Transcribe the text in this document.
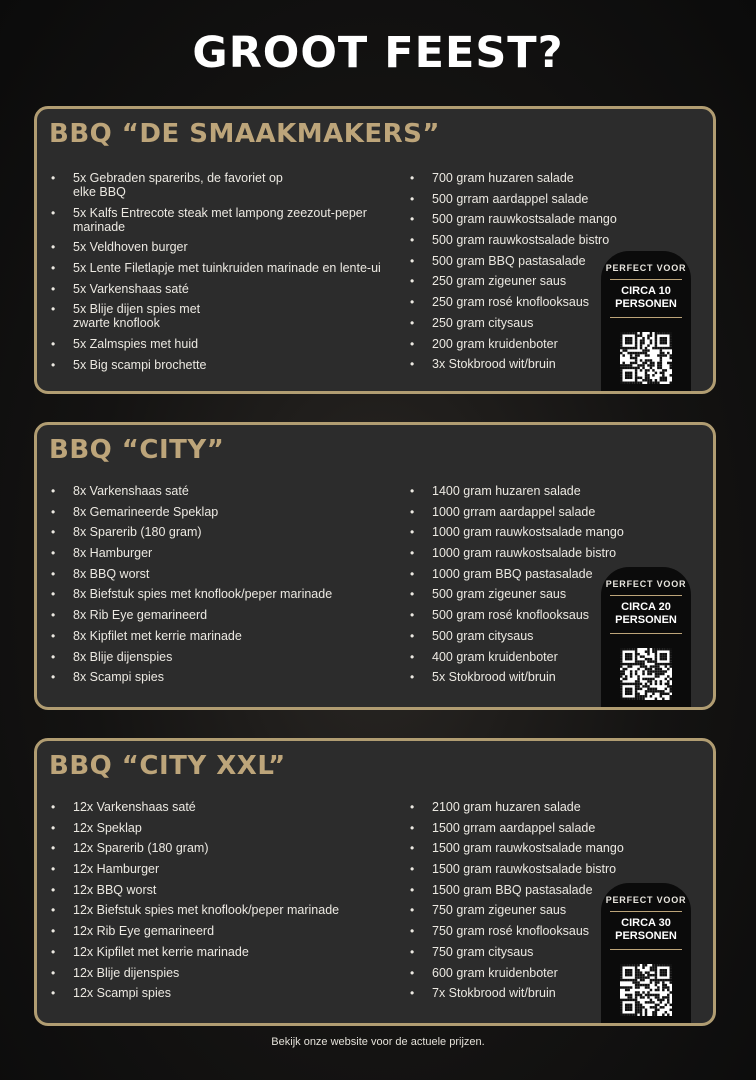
GROOT FEEST?
BBQ “DE SMAAKMAKERS”
• 5x Gebraden spareribs, de favoriet op
elke BBQ
• 5x Kalfs Entrecote steak met lampong zeezout-peper
marinade
• 5x Veldhoven burger
• 5x Lente Filetlapje met tuinkruiden marinade en lente-ui
• 5x Varkenshaas saté
• 5x Blije dijen spies met
zwarte knoflook
• 5x Zalmspies met huid
• 5x Big scampi brochette
• 700 gram huzaren salade
• 500 grram aardappel salade
• 500 gram rauwkostsalade mango
• 500 gram rauwkostsalade bistro
• 500 gram BBQ pastasalade
• 250 gram zigeuner saus
• 250 gram rosé knoflooksaus
• 250 gram citysaus
• 200 gram kruidenboter
• 3x Stokbrood wit/bruin
PERFECT VOOR
CIRCA 10
PERSONEN
BBQ “CITY”
• 8x Varkenshaas saté
• 8x Gemarineerde Speklap
• 8x Sparerib (180 gram)
• 8x Hamburger
• 8x BBQ worst
• 8x Biefstuk spies met knoflook/peper marinade
• 8x Rib Eye gemarineerd
• 8x Kipfilet met kerrie marinade
• 8x Blije dijenspies
• 8x Scampi spies
• 1400 gram huzaren salade
• 1000 grram aardappel salade
• 1000 gram rauwkostsalade mango
• 1000 gram rauwkostsalade bistro
• 1000 gram BBQ pastasalade
• 500 gram zigeuner saus
• 500 gram rosé knoflooksaus
• 500 gram citysaus
• 400 gram kruidenboter
• 5x Stokbrood wit/bruin
PERFECT VOOR
CIRCA 20
PERSONEN
BBQ “CITY XXL”
• 12x Varkenshaas saté
• 12x Speklap
• 12x Sparerib (180 gram)
• 12x Hamburger
• 12x BBQ worst
• 12x Biefstuk spies met knoflook/peper marinade
• 12x Rib Eye gemarineerd
• 12x Kipfilet met kerrie marinade
• 12x Blije dijenspies
• 12x Scampi spies
• 2100 gram huzaren salade
• 1500 grram aardappel salade
• 1500 gram rauwkostsalade mango
• 1500 gram rauwkostsalade bistro
• 1500 gram BBQ pastasalade
• 750 gram zigeuner saus
• 750 gram rosé knoflooksaus
• 750 gram citysaus
• 600 gram kruidenboter
• 7x Stokbrood wit/bruin
PERFECT VOOR
CIRCA 30
PERSONEN
Bekijk onze website voor de actuele prijzen.
